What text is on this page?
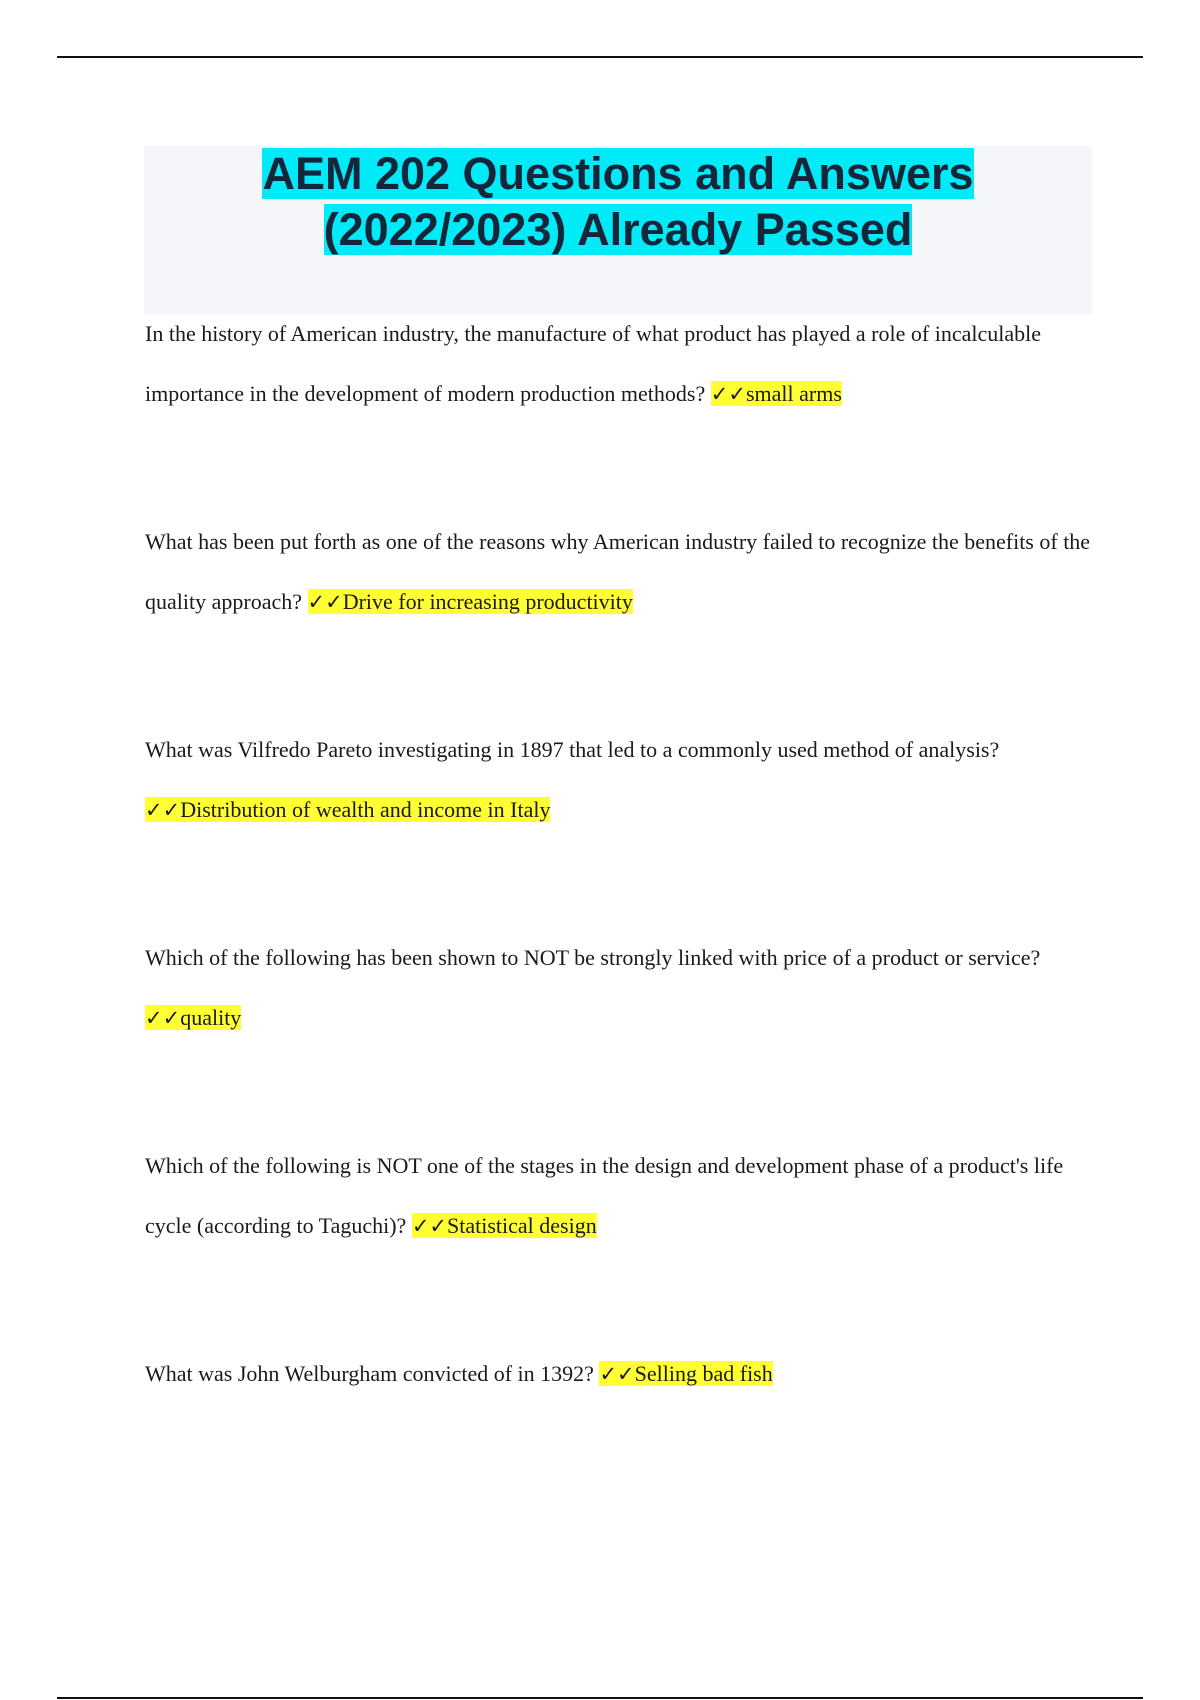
AEM 202 Questions and Answers
(2022/2023) Already Passed

In the history of American industry, the manufacture of what product has played a role of incalculable importance in the development of modern production methods? ✓✓small arms

What has been put forth as one of the reasons why American industry failed to recognize the benefits of the quality approach? ✓✓Drive for increasing productivity

What was Vilfredo Pareto investigating in 1897 that led to a commonly used method of analysis? ✓✓Distribution of wealth and income in Italy

Which of the following has been shown to NOT be strongly linked with price of a product or service? ✓✓quality

Which of the following is NOT one of the stages in the design and development phase of a product's life cycle (according to Taguchi)? ✓✓Statistical design

What was John Welburgham convicted of in 1392? ✓✓Selling bad fish
